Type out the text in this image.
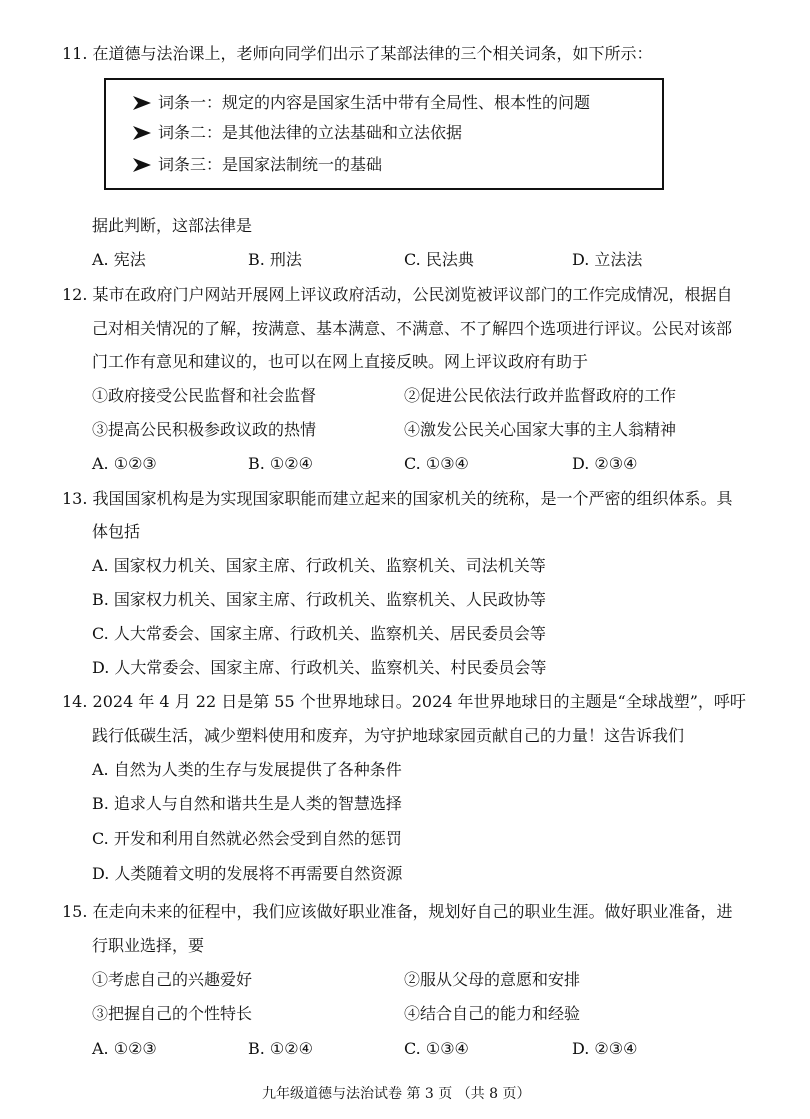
11. 在道德与法治课上，老师向同学们出示了某部法律的三个相关词条，如下所示：
词条一：规定的内容是国家生活中带有全局性、根本性的问题
词条二：是其他法律的立法基础和立法依据
词条三：是国家法制统一的基础
据此判断，这部法律是
A. 宪法	B. 刑法	C. 民法典	D. 立法法
12. 某市在政府门户网站开展网上评议政府活动，公民浏览被评议部门的工作完成情况，根据自
己对相关情况的了解，按满意、基本满意、不满意、不了解四个选项进行评议。公民对该部
门工作有意见和建议的，也可以在网上直接反映。网上评议政府有助于
①政府接受公民监督和社会监督	②促进公民依法行政并监督政府的工作
③提高公民积极参政议政的热情	④激发公民关心国家大事的主人翁精神
A. ①②③	B. ①②④	C. ①③④	D. ②③④
13. 我国国家机构是为实现国家职能而建立起来的国家机关的统称，是一个严密的组织体系。具
体包括
A. 国家权力机关、国家主席、行政机关、监察机关、司法机关等
B. 国家权力机关、国家主席、行政机关、监察机关、人民政协等
C. 人大常委会、国家主席、行政机关、监察机关、居民委员会等
D. 人大常委会、国家主席、行政机关、监察机关、村民委员会等
14. 2024 年 4 月 22 日是第 55 个世界地球日。2024 年世界地球日的主题是“全球战塑”，呼吁
践行低碳生活，减少塑料使用和废弃，为守护地球家园贡献自己的力量！这告诉我们
A. 自然为人类的生存与发展提供了各种条件
B. 追求人与自然和谐共生是人类的智慧选择
C. 开发和利用自然就必然会受到自然的惩罚
D. 人类随着文明的发展将不再需要自然资源
15. 在走向未来的征程中，我们应该做好职业准备，规划好自己的职业生涯。做好职业准备，进
行职业选择，要
①考虑自己的兴趣爱好	②服从父母的意愿和安排
③把握自己的个性特长	④结合自己的能力和经验
A. ①②③	B. ①②④	C. ①③④	D. ②③④
九年级道德与法治试卷 第 3 页 （共 8 页）
